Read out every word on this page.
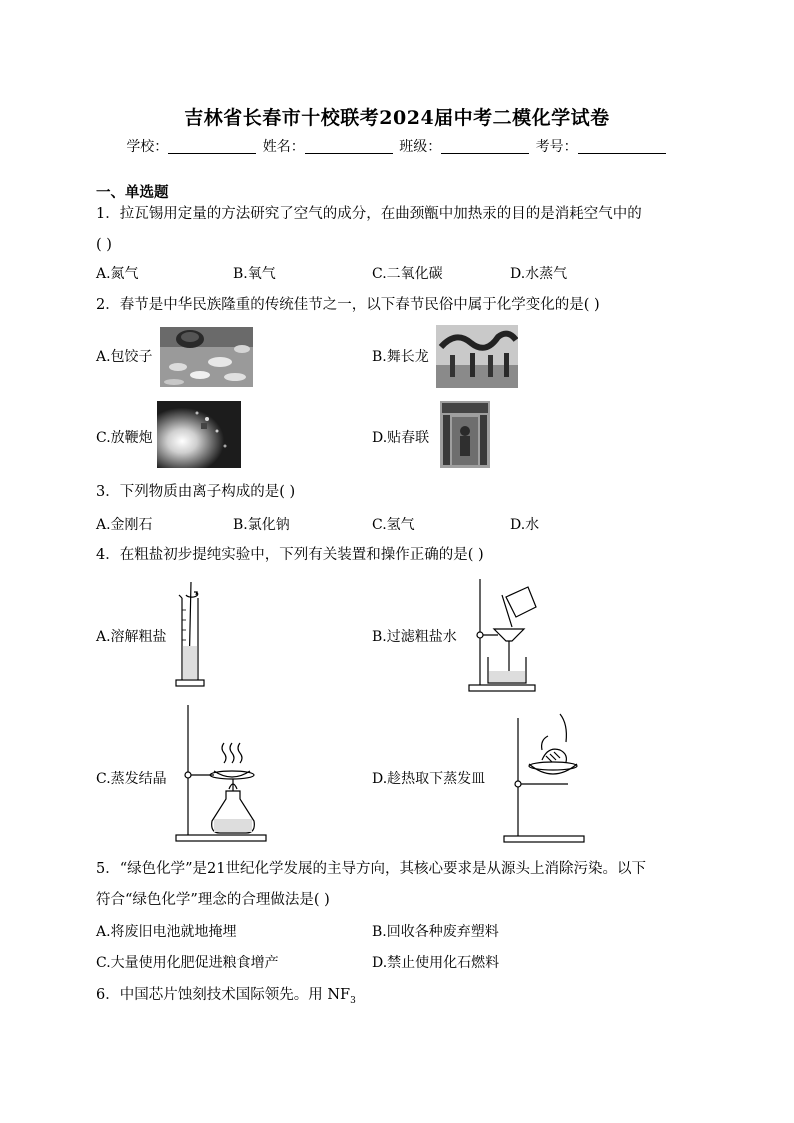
吉林省长春市十校联考2024届中考二模化学试卷
学校：	姓名：	班级：	考号：
一、单选题
1．拉瓦锡用定量的方法研究了空气的成分，在曲颈甑中加热汞的目的是消耗空气中的
( )
A.氮气	B.氧气	C.二氧化碳	D.水蒸气
2．春节是中华民族隆重的传统佳节之一，以下春节民俗中属于化学变化的是( )
A.包饺子	B.舞长龙
C.放鞭炮	D.贴春联
3．下列物质由离子构成的是( )
A.金刚石	B.氯化钠	C.氢气	D.水
4．在粗盐初步提纯实验中，下列有关装置和操作正确的是( )
A.溶解粗盐	B.过滤粗盐水
C.蒸发结晶	D.趁热取下蒸发皿
5．“绿色化学”是21世纪化学发展的主导方向，其核心要求是从源头上消除污染。以下
符合“绿色化学”理念的合理做法是( )
A.将废旧电池就地掩埋	B.回收各种废弃塑料
C.大量使用化肥促进粮食增产	D.禁止使用化石燃料
6．中国芯片蚀刻技术国际领先。用 $NF_3$
